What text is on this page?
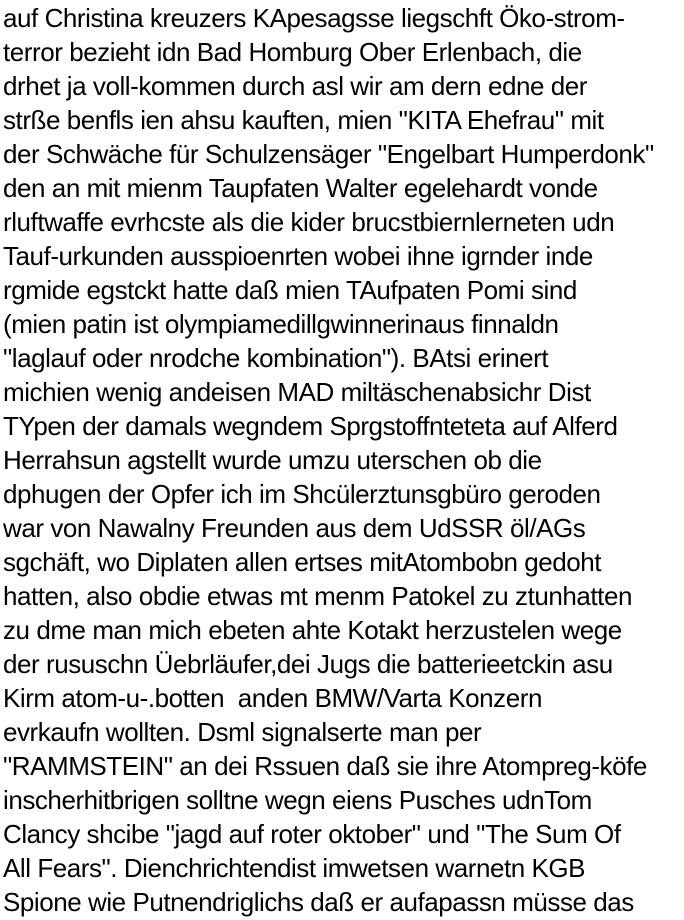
auf Christina kreuzers KApesagsse liegschft Öko-strom-
terror bezieht idn Bad Homburg Ober Erlenbach, die
drhet ja voll-kommen durch asl wir am dern edne der
strße benfls ien ahsu kauften, mien "KITA Ehefrau" mit
der Schwäche für Schulzensäger "Engelbart Humperdonk"
den an mit mienm Taupfaten Walter egelehardt vonde
rluftwaffe evrhcste als die kider brucstbiernlerneten udn
Tauf-urkunden ausspioenrten wobei ihne igrnder inde
rgmide egstckt hatte daß mien TAufpaten Pomi sind
(mien patin ist olympiamedillgwinnerinaus finnaldn
"laglauf oder nrodche kombination"). BAtsi erinert
michien wenig andeisen MAD miltäschenabsichr Dist
TYpen der damals wegndem Sprgstoffnteteta auf Alferd
Herrahsun agstellt wurde umzu uterschen ob die
dphugen der Opfer ich im Shcülerztunsgbüro geroden
war von Nawalny Freunden aus dem UdSSR öl/AGs
sgchäft, wo Diplaten allen ertses mitAtombobn gedoht
hatten, also obdie etwas mt menm Patokel zu ztunhatten
zu dme man mich ebeten ahte Kotakt herzustelen wege
der rususchn Üebrläufer,dei Jugs die batterieetckin asu
Kirm atom-u-.botten  anden BMW/Varta Konzern
evrkaufn wollten. Dsml signalserte man per
"RAMMSTEIN" an dei Rssuen daß sie ihre Atompreg-köfe
inscherhitbrigen solltne wegn eiens Pusches udnTom
Clancy shcibe "jagd auf roter oktober" und "The Sum Of
All Fears". Dienchrichtendist imwetsen warnetn KGB
Spione wie Putnendriglichs daß er aufapassn müsse das
